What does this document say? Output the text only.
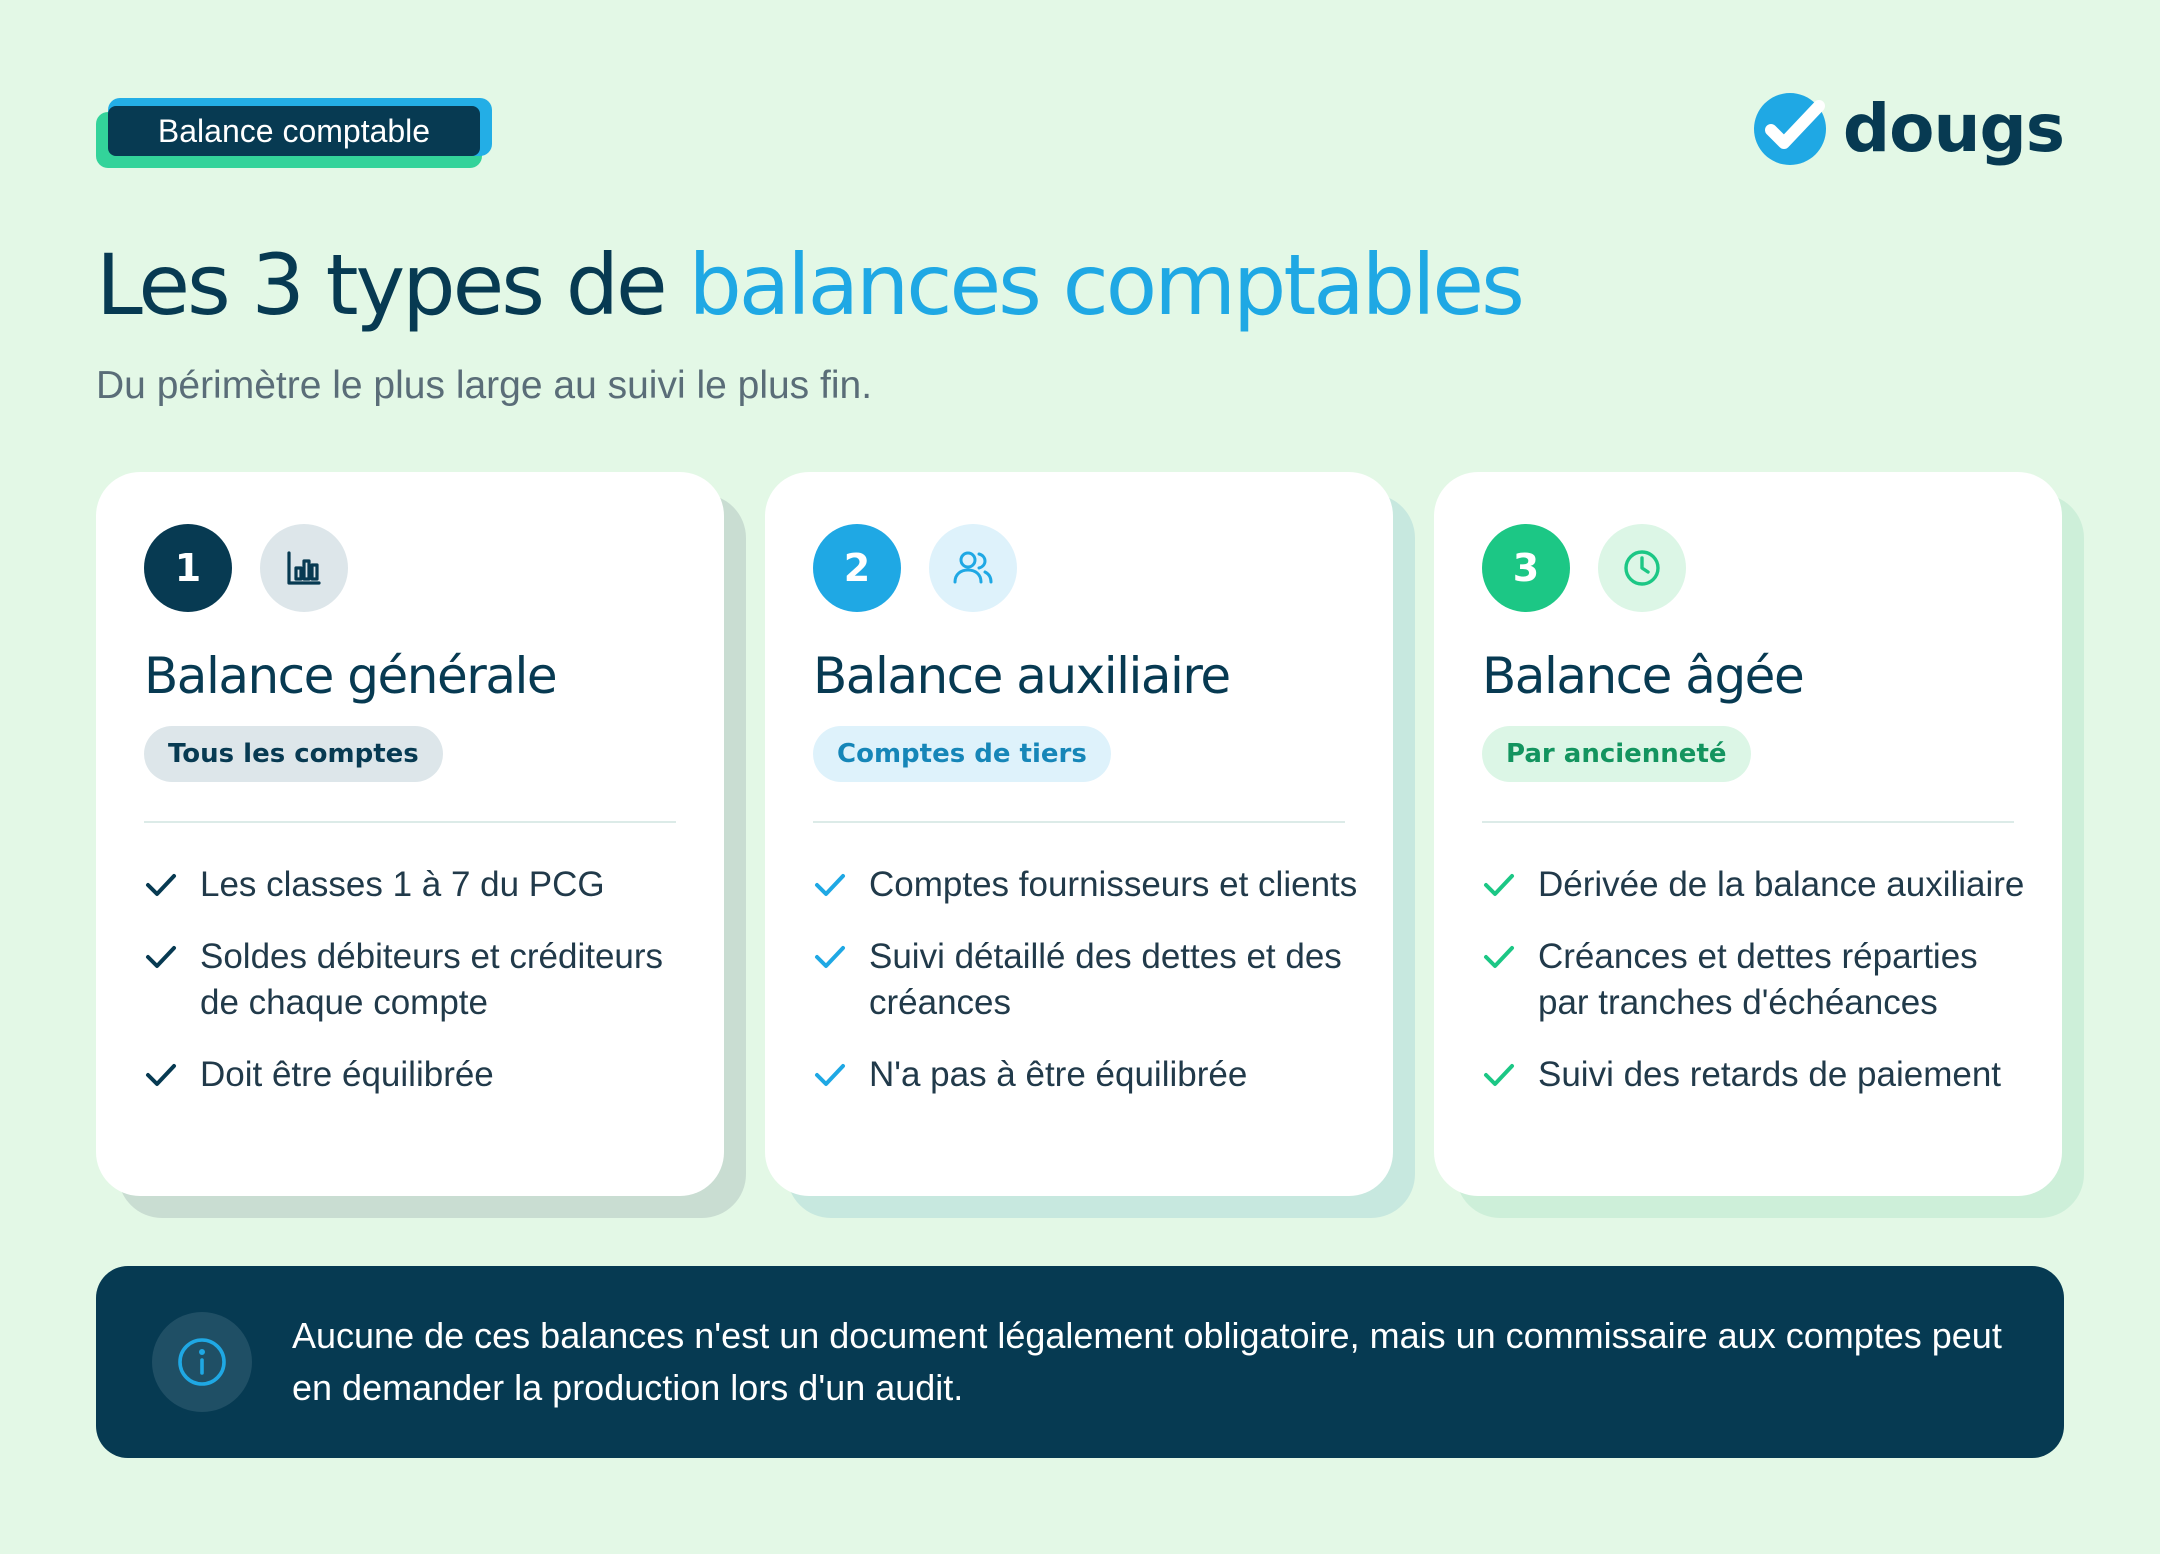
Balance comptable	dougs
Les 3 types de balances comptables
Du périmètre le plus large au suivi le plus fin.
1
Balance générale
Tous les comptes
Les classes 1 à 7 du PCG
Soldes débiteurs et créditeurs de chaque compte
Doit être équilibrée
2
Balance auxiliaire
Comptes de tiers
Comptes fournisseurs et clients
Suivi détaillé des dettes et des créances
N'a pas à être équilibrée
3
Balance âgée
Par ancienneté
Dérivée de la balance auxiliaire
Créances et dettes réparties par tranches d'échéances
Suivi des retards de paiement
Aucune de ces balances n'est un document légalement obligatoire, mais un commissaire aux comptes peut en demander la production lors d'un audit.
